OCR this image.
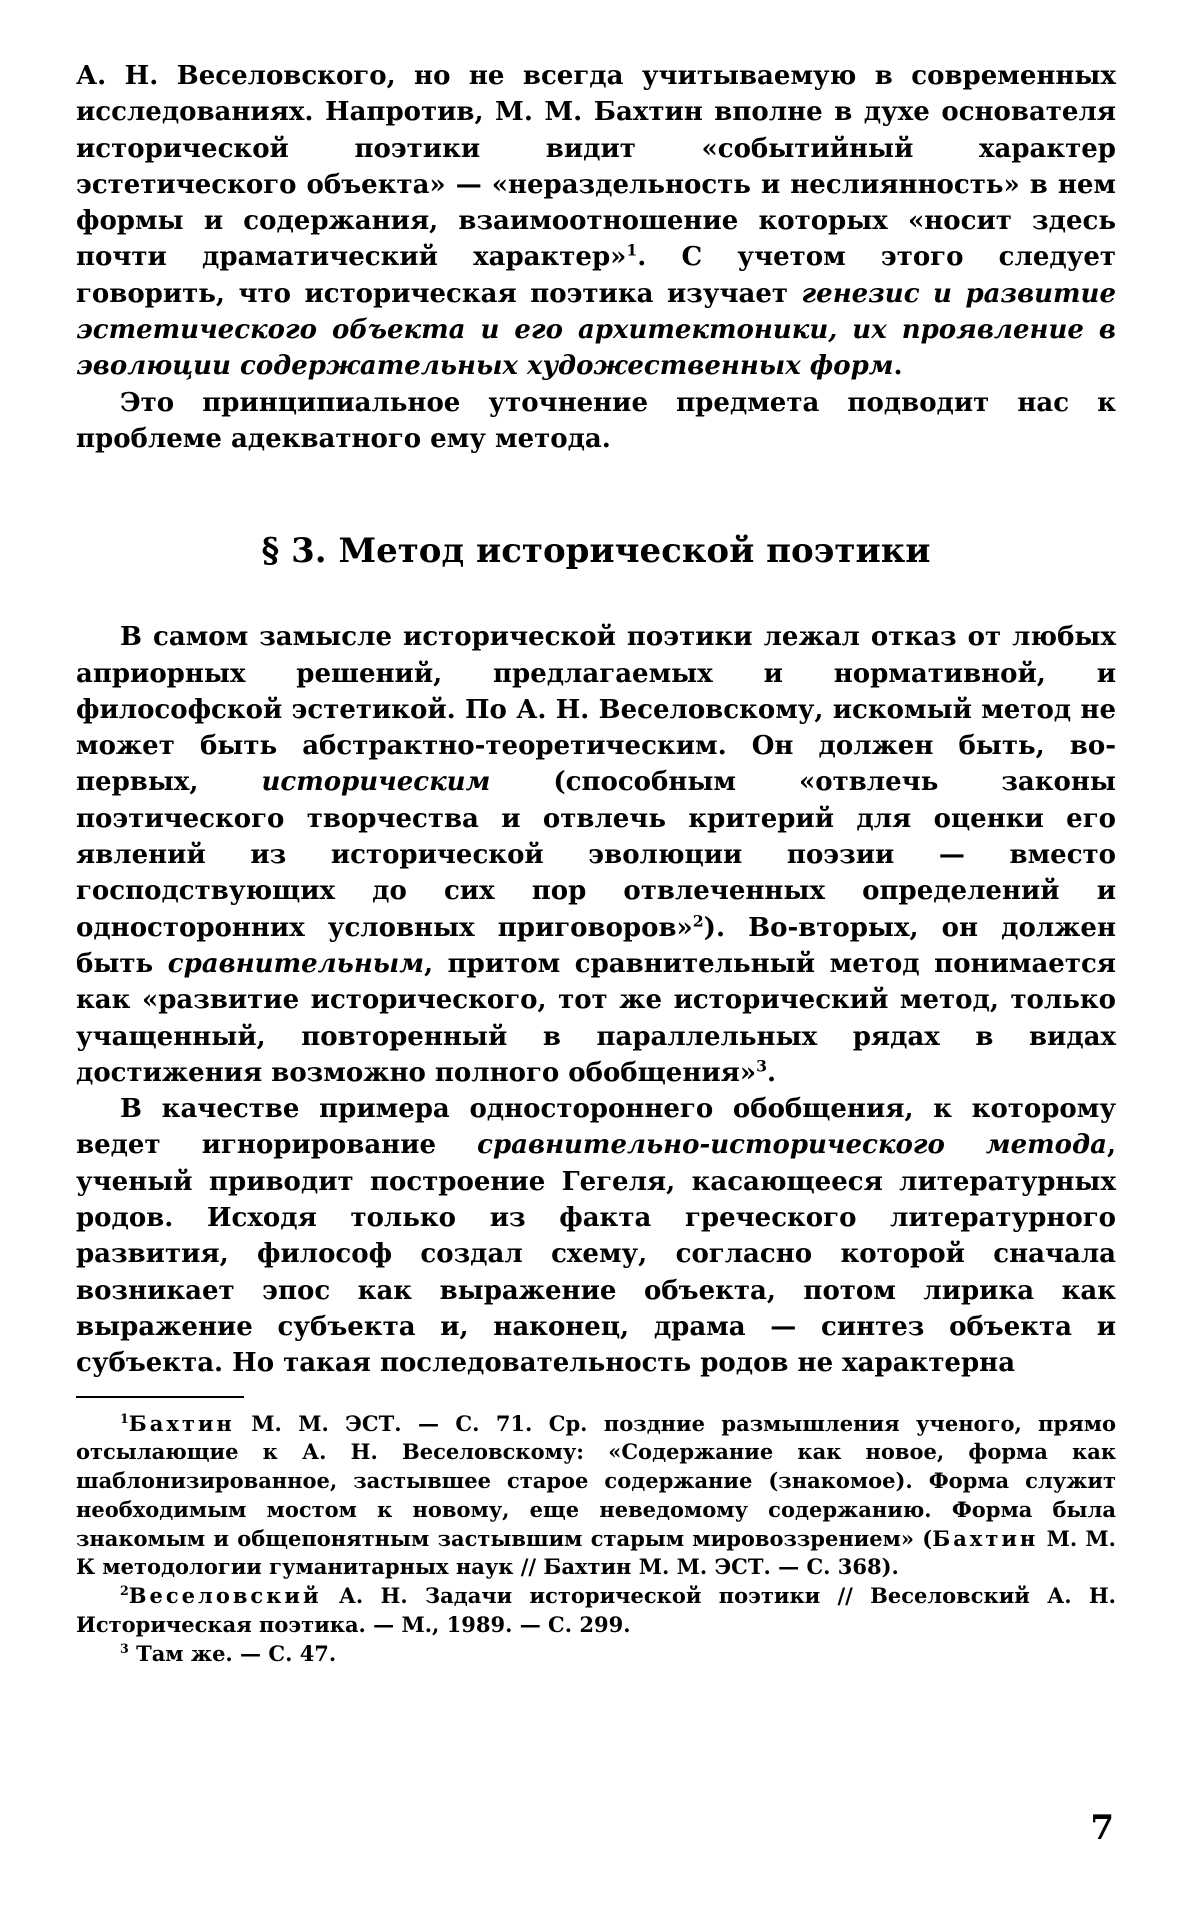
А. Н. Веселовского, но не всегда учитываемую в современных исследованиях. Напротив, М. М. Бахтин вполне в духе основателя исторической поэтики видит «событийный характер эстетического объекта» — «нераздельность и неслиянность» в нем формы и содержания, взаимоотношение которых «носит здесь почти драматический характер»$^1$. С учетом этого следует говорить, что историческая поэтика изучает генезис и развитие эстетического объекта и его архитектоники, их проявление в эволюции содержательных художественных форм.

Это принципиальное уточнение предмета подводит нас к проблеме адекватного ему метода.

§ 3. Метод исторической поэтики

В самом замысле исторической поэтики лежал отказ от любых априорных решений, предлагаемых и нормативной, и философской эстетикой. По А. Н. Веселовскому, искомый метод не может быть абстрактно-теоретическим. Он должен быть, во-первых, историческим (способным «отвлечь законы поэтического творчества и отвлечь критерий для оценки его явлений из исторической эволюции поэзии — вместо господствующих до сих пор отвлеченных определений и односторонних условных приговоров»$^2$). Во-вторых, он должен быть сравнительным, притом сравнительный метод понимается как «развитие исторического, тот же исторический метод, только учащенный, повторенный в параллельных рядах в видах достижения возможно полного обобщения»$^3$.

В качестве примера одностороннего обобщения, к которому ведет игнорирование сравнительно-исторического метода, ученый приводит построение Гегеля, касающееся литературных родов. Исходя только из факта греческого литературного развития, философ создал схему, согласно которой сначала возникает эпос как выражение объекта, потом лирика как выражение субъекта и, наконец, драма — синтез объекта и субъекта. Но такая последовательность родов не характерна

$^1$Бахтин М. М. ЭСТ. — С. 71. Ср. поздние размышления ученого, прямо отсылающие к А. Н. Веселовскому: «Содержание как новое, форма как шаблонизированное, застывшее старое содержание (знакомое). Форма служит необходимым мостом к новому, еще неведомому содержанию. Форма была знакомым и общепонятным застывшим старым мировоззрением» (Бахтин М. М. К методологии гуманитарных наук // Бахтин М. М. ЭСТ. — С. 368).

$^2$Веселовский А. Н. Задачи исторической поэтики // Веселовский А. Н. Историческая поэтика. — М., 1989. — С. 299.

$^3$ Там же. — С. 47.

7
